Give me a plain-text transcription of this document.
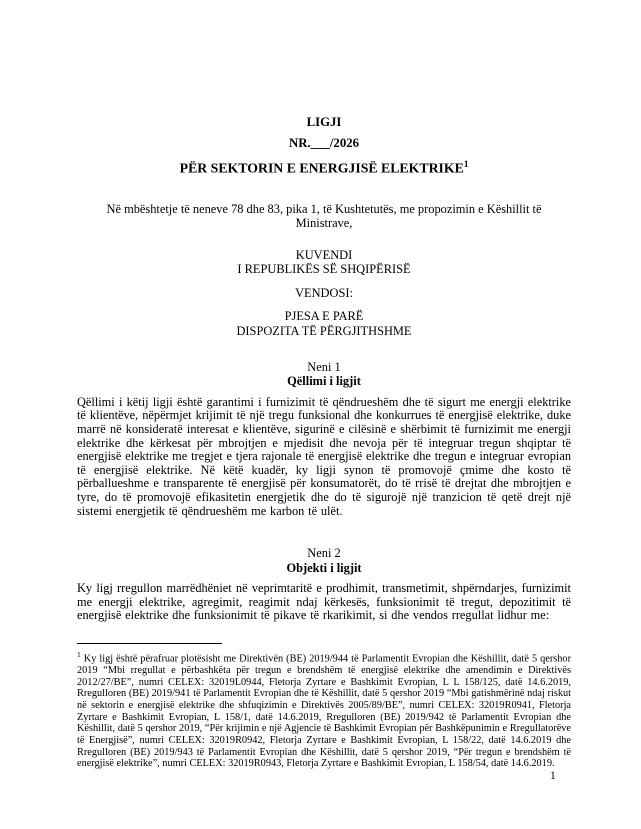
LIGJI
NR.___/2026
PËR SEKTORIN E ENERGJISË ELEKTRIKE$^1$
Në mbështetje të neneve 78 dhe 83, pika 1, të Kushtetutës, me propozimin e Këshillit të Ministrave,
KUVENDI
I REPUBLIKËS SË SHQIPËRISË
VENDOSI:
PJESA E PARË
DISPOZITA TË PËRGJITHSHME
Neni 1
Qëllimi i ligjit
Qëllimi i këtij ligji është garantimi i furnizimit të qëndrueshëm dhe të sigurt me energji elektrike të klientëve, nëpërmjet krijimit të një tregu funksional dhe konkurrues të energjisë elektrike, duke marrë në konsideratë interesat e klientëve, sigurinë e cilësinë e shërbimit të furnizimit me energji elektrike dhe kërkesat për mbrojtjen e mjedisit dhe nevoja për të integruar tregun shqiptar të energjisë elektrike me tregjet e tjera rajonale të energjisë elektrike dhe tregun e integruar evropian të energjisë elektrike. Në këtë kuadër, ky ligji synon të promovojë çmime dhe kosto të përballueshme e transparente të energjisë për konsumatorët, do të rrisë të drejtat dhe mbrojtjen e tyre, do të promovojë efikasitetin energjetik dhe do të sigurojë një tranzicion të qetë drejt një sistemi energjetik të qëndrueshëm me karbon të ulët.
Neni 2
Objekti i ligjit
Ky ligj rregullon marrëdhëniet në veprimtaritë e prodhimit, transmetimit, shpërndarjes, furnizimit me energji elektrike, agregimit, reagimit ndaj kërkesës, funksionimit të tregut, depozitimit të energjisë elektrike dhe funksionimit të pikave të rkarikimit, si dhe vendos rregullat lidhur me:
$^1$ Ky ligj është përafruar plotësisht me Direktivën (BE) 2019/944 të Parlamentit Evropian dhe Këshillit, datë 5 qershor 2019 “Mbi rregullat e përbashkëta për tregun e brendshëm të energjisë elektrike dhe amendimin e Direktivës 2012/27/BE”, numri CELEX: 32019L0944, Fletorja Zyrtare e Bashkimit Evropian, L L 158/125, datë 14.6.2019, Rregulloren (BE) 2019/941 të Parlamentit Evropian dhe të Këshillit, datë 5 qershor 2019 “Mbi gatishmërinë ndaj riskut në sektorin e energjisë elektrike dhe shfuqizimin e Direktivës 2005/89/BE”, numri CELEX: 32019R0941, Fletorja Zyrtare e Bashkimit Evropian, L 158/1, datë 14.6.2019, Rregulloren (BE) 2019/942 të Parlamentit Evropian dhe Këshillit, datë 5 qershor 2019, “Për krijimin e një Agjencie të Bashkimit Evropian për Bashkëpunimin e Rregullatorëve të Energjisë”, numri CELEX: 32019R0942, Fletorja Zyrtare e Bashkimit Evropian, L 158/22, datë 14.6.2019 dhe Rregulloren (BE) 2019/943 të Parlamentit Evropian dhe Këshillit, datë 5 qershor 2019, “Për tregun e brendshëm të energjisë elektrike”, numri CELEX: 32019R0943, Fletorja Zyrtare e Bashkimit Evropian, L 158/54, datë 14.6.2019.
1
